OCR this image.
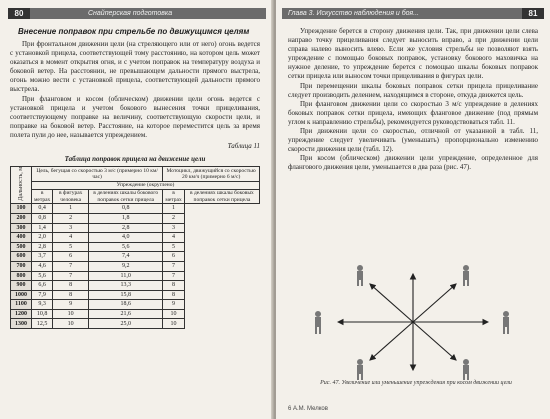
80	Снайперская подготовка
Внесение поправок при стрельбе по движущимся целям

При фронтальном движении цели (на стреляющего или от него) огонь ведется с установкой прицела, соответствующей тому расстоянию, на котором цель может оказаться в момент открытия огня, и с учетом поправок на температуру воздуха и боковой ветер. На расстоянии, не превышающем дальности прямого выстрела, огонь можно вести с установкой прицела, соответствующей дальности прямого выстрела.

При фланговом и косом (облическом) движении цели огонь ведется с установкой прицела и учетом бокового вынесения точки прицеливания, соответствующему поправке на величину, соответствующую скорости цели, и поправке на боковой ветер. Расстояние, на которое переместится цель за время полета пули до нее, называется упреждением.

Таблица 11
Таблица поправок прицела на движение цели
Дальность, м	Цель, бегущая со скоростью 3 м/с (примерно 10 км/час)			Мотоцикл, движущийся со скоростью 20 км/ч (примерно 6 м/с)	
	Упреждение (округлено)				
	в метрах	в фигурах человека	в делениях шкалы бокового поправок сетки прицела	в метрах	в делениях шкалы боковых поправок сетки прицела
100	0,4	1	0,8	1	
200	0,8	2	1,8	2	
300	1,4	3	2,8	3	
400	2,0	4	4,0	4	
500	2,8	5	5,6	5	
600	3,7	6	7,4	6	
700	4,6	7	9,2	7	
800	5,6	7	11,0	7	
900	6,6	8	13,3	8	
1000	7,9	8	15,8	8	
1100	9,3	9	18,6	9	
1200	10,8	10	21,6	10	
1300	12,5	10	25,0	10	
Глава 3. Искусство наблюдения и боя...	81

Упреждение берется в сторону движения цели. Так, при движении цели слева направо точку прицеливания следует выносить вправо, а при движении цели справа налево выносить влево. Если же условия стрельбы не позволяют взять упреждение с помощью боковых поправок, установку бокового маховичка на нужное деление, то упреждение берется с помощью шкалы боковых поправок сетки прицела или выносом точки прицеливания в фигурах цели.

При перемещении шкалы боковых поправок сетки прицела прицеливание следует производить делением, находящимся в стороне, откуда движется цель.

При фланговом движении цели со скоростью 3 м/с упреждение в делениях боковых поправок сетки прицела, имеющих фланговое движение (под прямым углом к направлению стрельбы), рекомендуется руководствоваться табл. 11.

При движении цели со скоростью, отличной от указанной в табл. 11, упреждение следует увеличивать (уменьшать) пропорционально изменению скорости движения цели (табл. 12).

При косом (облическом) движении цели упреждение, определенное для флангового движения цели, уменьшается в два раза (рис. 47).

Рис. 47. Увеличение или уменьшение упреждения при косом движении цели
6 А.М. Мелков
